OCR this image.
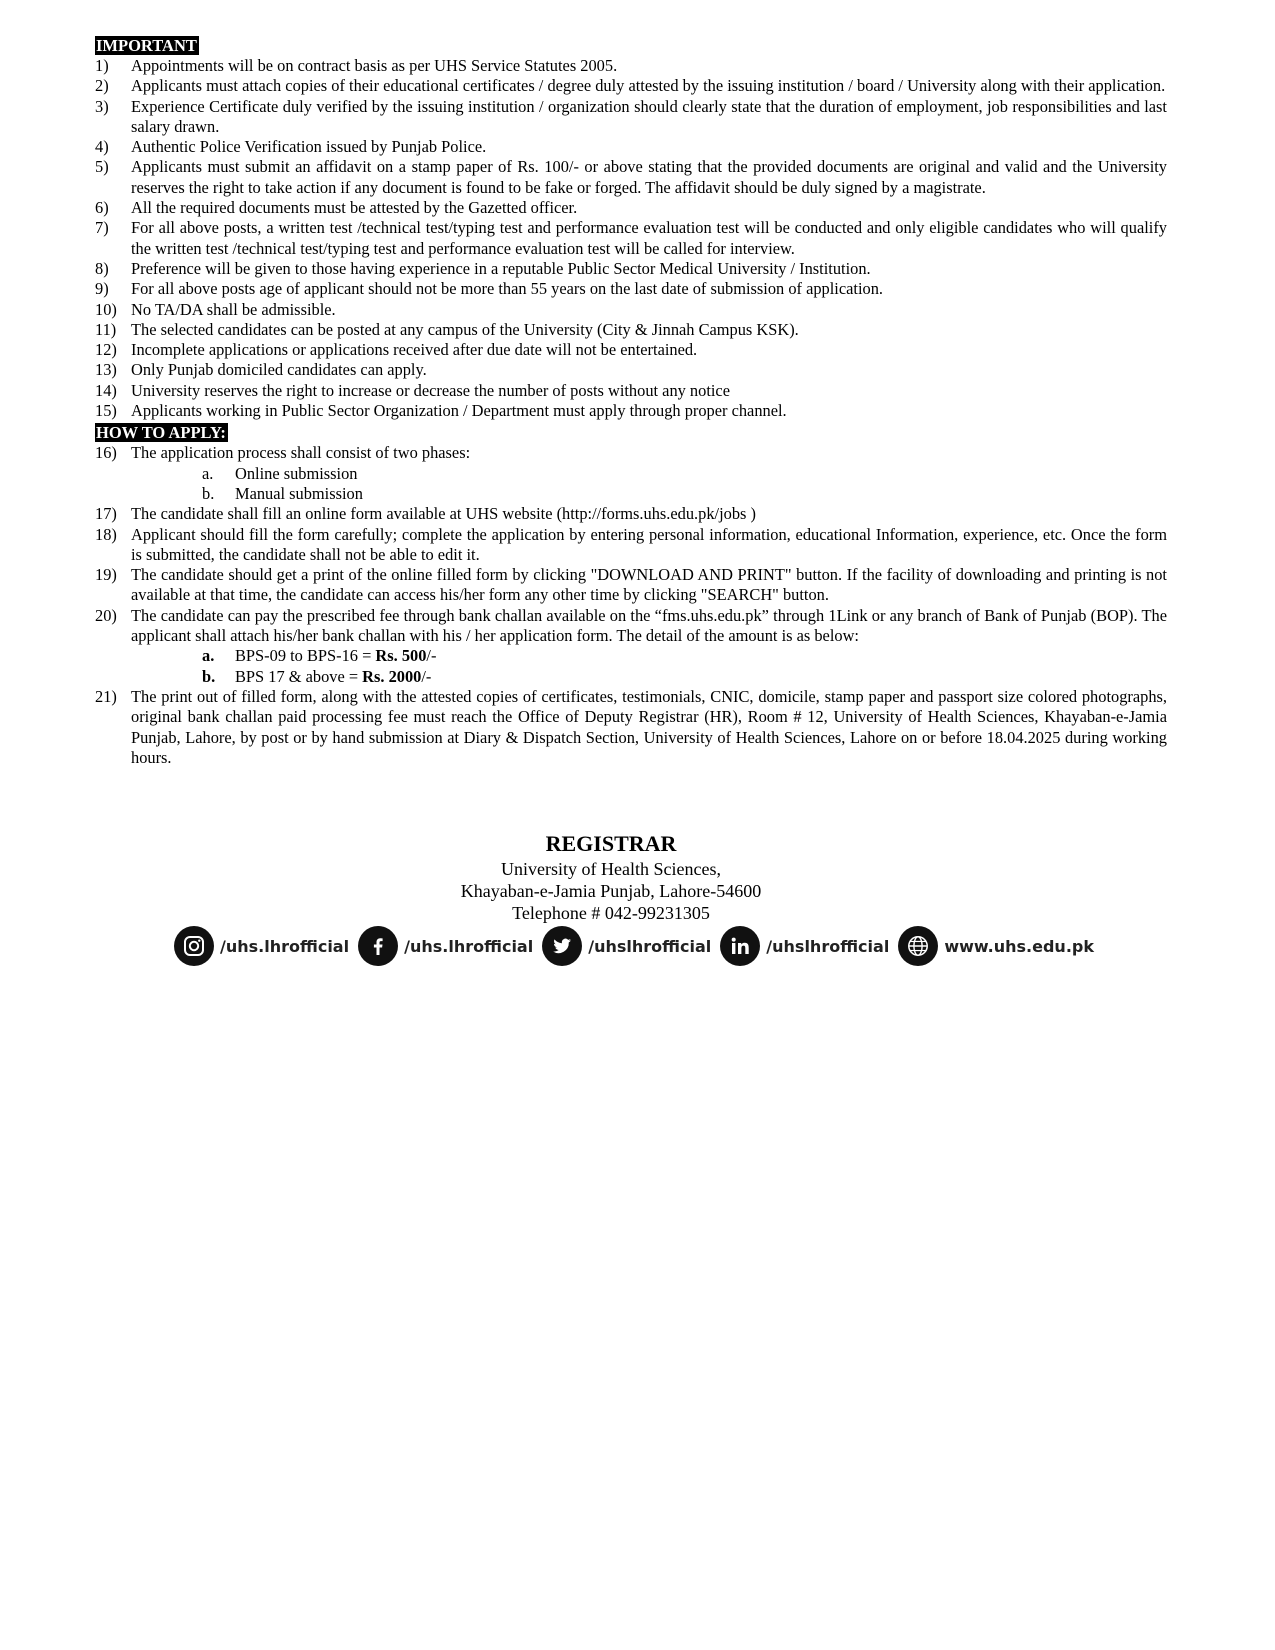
IMPORTANT
1)	Appointments will be on contract basis as per UHS Service Statutes 2005.
2)	Applicants must attach copies of their educational certificates / degree duly attested by the issuing institution / board / University along with their application.
3)	Experience Certificate duly verified by the issuing institution / organization should clearly state that the duration of employment, job responsibilities and last salary drawn.
4)	Authentic Police Verification issued by Punjab Police.
5)	Applicants must submit an affidavit on a stamp paper of Rs. 100/- or above stating that the provided documents are original and valid and the University reserves the right to take action if any document is found to be fake or forged. The affidavit should be duly signed by a magistrate.
6)	All the required documents must be attested by the Gazetted officer.
7)	For all above posts, a written test /technical test/typing test and performance evaluation test will be conducted and only eligible candidates who will qualify the written test /technical test/typing test and performance evaluation test will be called for interview.
8)	Preference will be given to those having experience in a reputable Public Sector Medical University / Institution.
9)	For all above posts age of applicant should not be more than 55 years on the last date of submission of application.
10) No TA/DA shall be admissible.
11) The selected candidates can be posted at any campus of the University (City & Jinnah Campus KSK).
12) Incomplete applications or applications received after due date will not be entertained.
13) Only Punjab domiciled candidates can apply.
14) University reserves the right to increase or decrease the number of posts without any notice
15) Applicants working in Public Sector Organization / Department must apply through proper channel.
HOW TO APPLY:
16) The application process shall consist of two phases:
a. Online submission
b. Manual submission
17) The candidate shall fill an online form available at UHS website (http://forms.uhs.edu.pk/jobs )
18) Applicant should fill the form carefully; complete the application by entering personal information, educational Information, experience, etc. Once the form is submitted, the candidate shall not be able to edit it.
19) The candidate should get a print of the online filled form by clicking "DOWNLOAD AND PRINT" button. If the facility of downloading and printing is not available at that time, the candidate can access his/her form any other time by clicking "SEARCH" button.
20) The candidate can pay the prescribed fee through bank challan available on the “fms.uhs.edu.pk” through 1Link or any branch of Bank of Punjab (BOP). The applicant shall attach his/her bank challan with his / her application form. The detail of the amount is as below:
a. BPS-09 to BPS-16 = Rs. 500/-
b. BPS 17 & above = Rs. 2000/-
21) The print out of filled form, along with the attested copies of certificates, testimonials, CNIC, domicile, stamp paper and passport size colored photographs, original bank challan paid processing fee must reach the Office of Deputy Registrar (HR), Room # 12, University of Health Sciences, Khayaban-e-Jamia Punjab, Lahore, by post or by hand submission at Diary & Dispatch Section, University of Health Sciences, Lahore on or before 18.04.2025 during working hours.
REGISTRAR
University of Health Sciences,
Khayaban-e-Jamia Punjab, Lahore-54600
Telephone # 042-99231305
/uhs.lhrofficial	/uhs.lhrofficial	/uhslhrofficial	/uhslhrofficial	www.uhs.edu.pk
